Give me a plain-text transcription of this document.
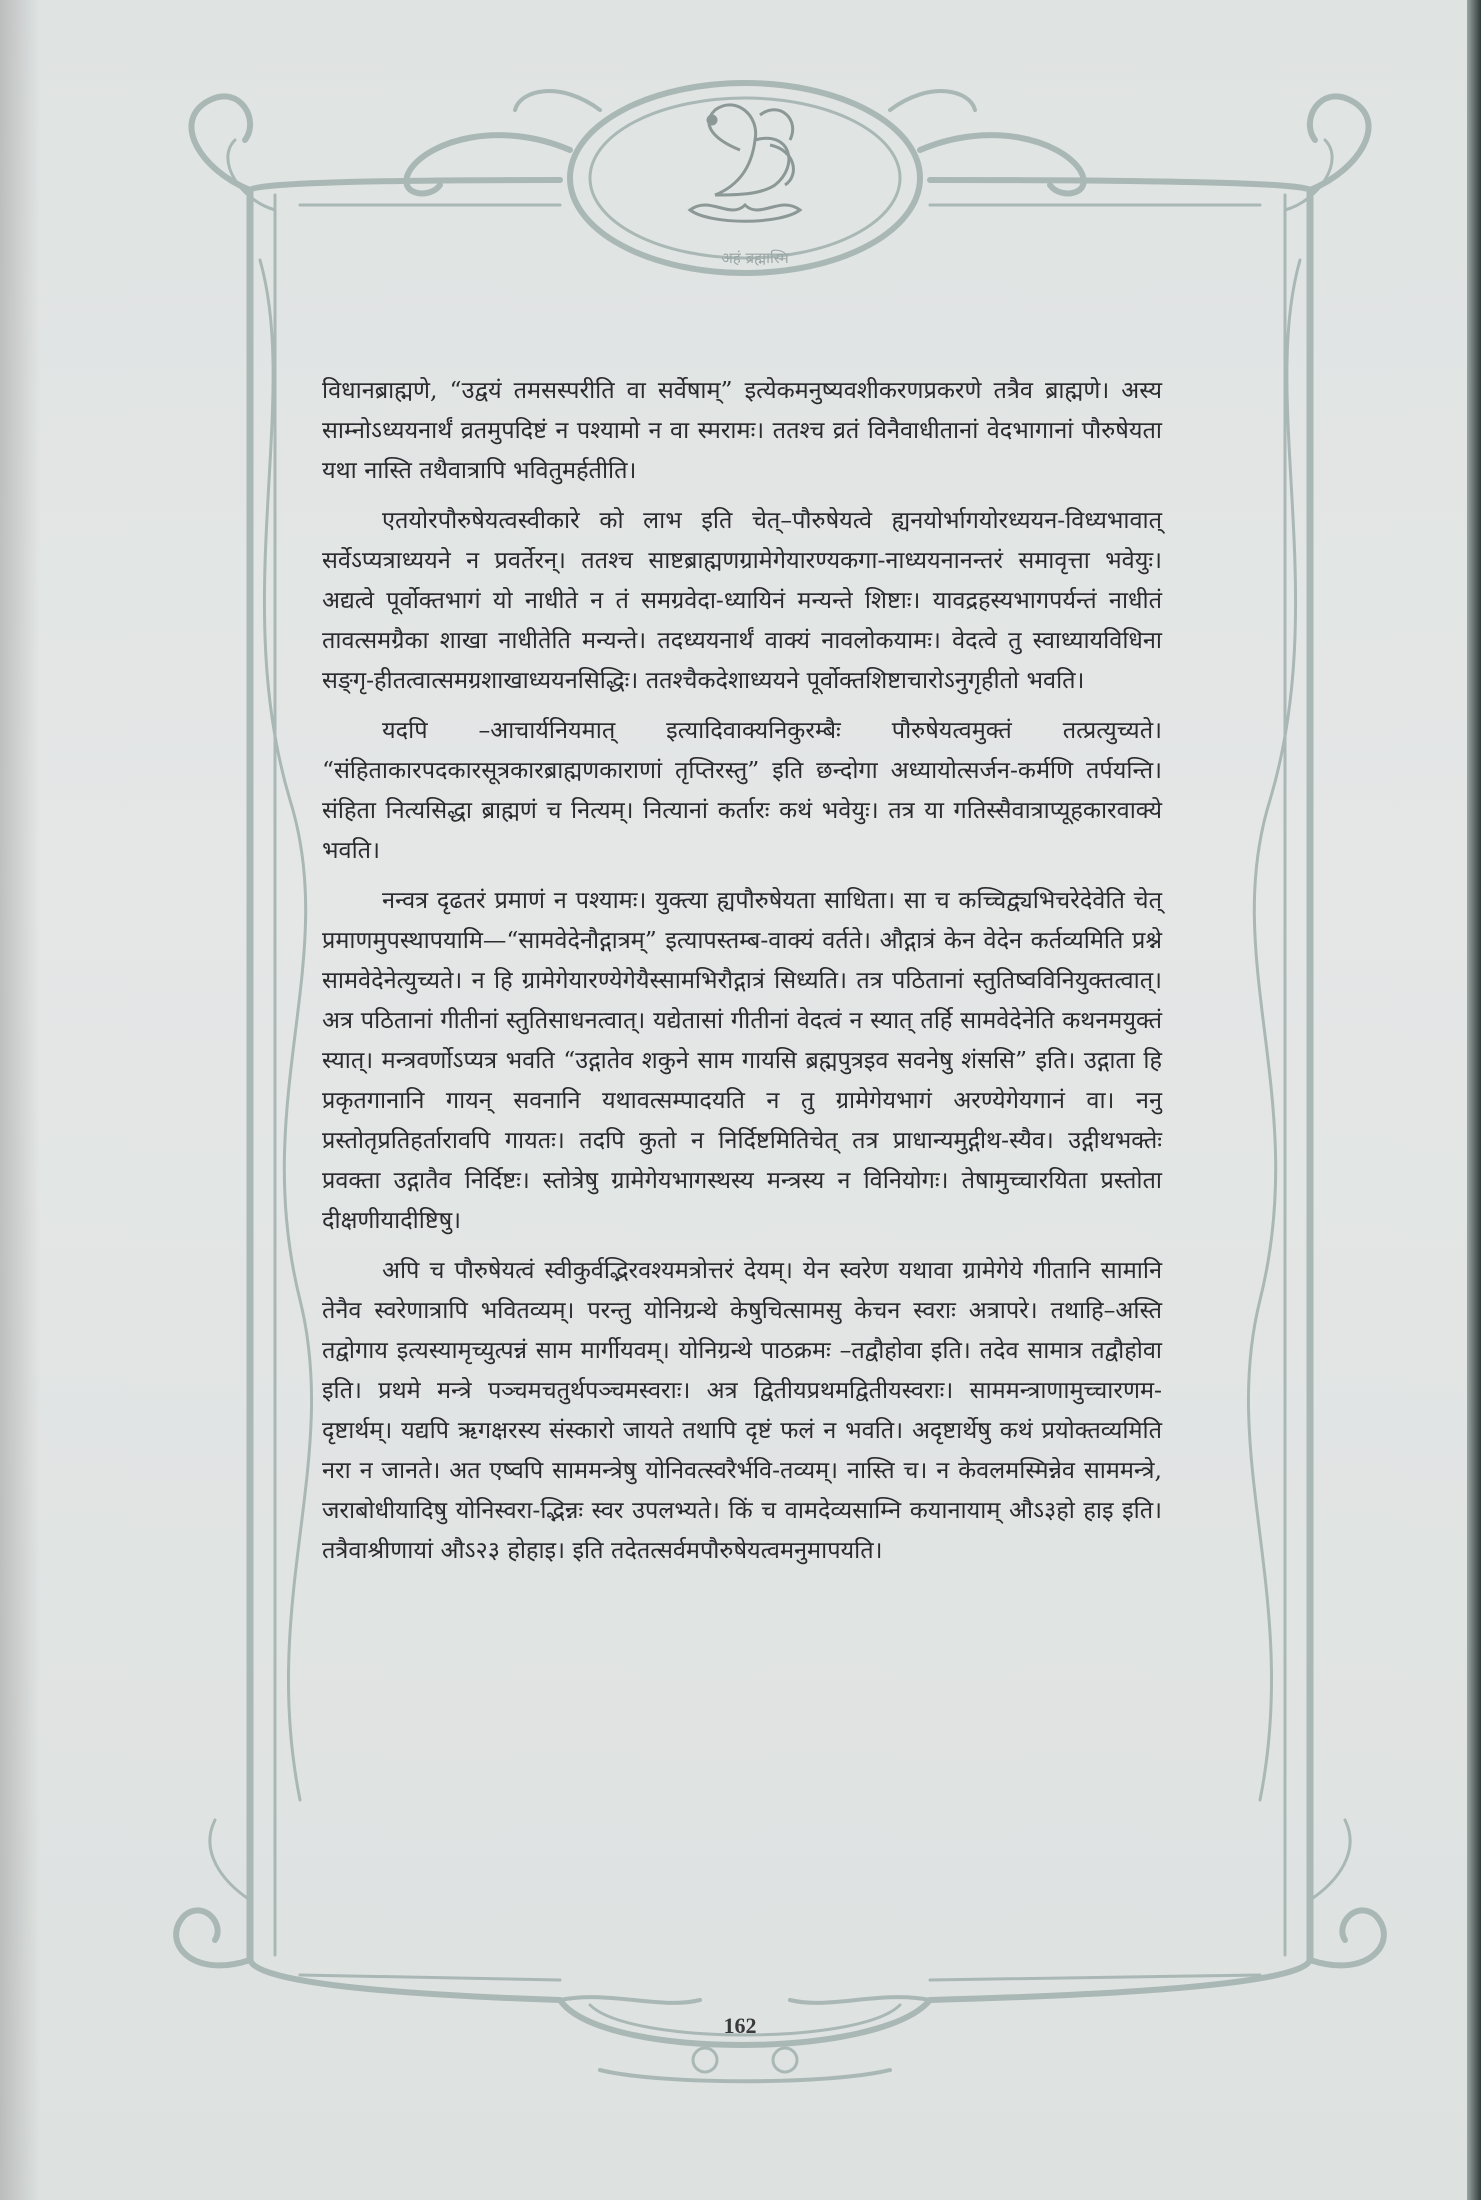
अहं ब्रह्मास्मि

विधानब्राह्मणे, “उद्वयं तमसस्परीति वा सर्वेषाम्” इत्येकमनुष्यवशीकरणप्रकरणे तत्रैव ब्राह्मणे। अस्य साम्नोऽध्ययनार्थं व्रतमुपदिष्टं न पश्यामो न वा स्मरामः। ततश्च व्रतं विनैवाधीतानां वेदभागानां पौरुषेयता यथा नास्ति तथैवात्रापि भवितुमर्हतीति।

एतयोरपौरुषेयत्वस्वीकारे को लाभ इति चेत्–पौरुषेयत्वे ह्यनयोर्भागयोरध्ययन-विध्यभावात् सर्वेऽप्यत्राध्ययने न प्रवर्तेरन्। ततश्च साष्टब्राह्मणग्रामेगेयारण्यकगा-नाध्ययनानन्तरं समावृत्ता भवेयुः। अद्यत्वे पूर्वोक्तभागं यो नाधीते न तं समग्रवेदा-ध्यायिनं मन्यन्ते शिष्टाः। यावद्रहस्यभागपर्यन्तं नाधीतं तावत्समग्रैका शाखा नाधीतेति मन्यन्ते। तदध्ययनार्थं वाक्यं नावलोकयामः। वेदत्वे तु स्वाध्यायविधिना सङ्गृ-हीतत्वात्समग्रशाखाध्ययनसिद्धिः। ततश्चैकदेशाध्ययने पूर्वोक्तशिष्टाचारोऽनुगृहीतो भवति।

यदपि –आचार्यनियमात् इत्यादिवाक्यनिकुरम्बैः पौरुषेयत्वमुक्तं तत्प्रत्युच्यते। “संहिताकारपदकारसूत्रकारब्राह्मणकाराणां तृप्तिरस्तु” इति छन्दोगा अध्यायोत्सर्जन-कर्मणि तर्पयन्ति। संहिता नित्यसिद्धा ब्राह्मणं च नित्यम्। नित्यानां कर्तारः कथं भवेयुः। तत्र या गतिस्सैवात्राप्यूहकारवाक्ये भवति।

नन्वत्र दृढतरं प्रमाणं न पश्यामः। युक्त्या ह्यपौरुषेयता साधिता। सा च कच्चिद्व्यभिचरेदेवेति चेत् प्रमाणमुपस्थापयामि—“सामवेदेनौद्गात्रम्” इत्यापस्तम्ब-वाक्यं वर्तते। औद्गात्रं केन वेदेन कर्तव्यमिति प्रश्ने सामवेदेनेत्युच्यते। न हि ग्रामेगेयारण्येगेयैस्सामभिरौद्गात्रं सिध्यति। तत्र पठितानां स्तुतिष्वविनियुक्तत्वात्। अत्र पठितानां गीतीनां स्तुतिसाधनत्वात्। यद्येतासां गीतीनां वेदत्वं न स्यात् तर्हि सामवेदेनेति कथनमयुक्तं स्यात्। मन्त्रवर्णोऽप्यत्र भवति “उद्गातेव शकुने साम गायसि ब्रह्मपुत्रइव सवनेषु शंससि” इति। उद्गाता हि प्रकृतगानानि गायन् सवनानि यथावत्सम्पादयति न तु ग्रामेगेयभागं अरण्येगेयगानं वा। ननु प्रस्तोतृप्रतिहर्तारावपि गायतः। तदपि कुतो न निर्दिष्टमितिचेत् तत्र प्राधान्यमुद्गीथ-स्यैव। उद्गीथभक्तेः प्रवक्ता उद्गातैव निर्दिष्टः। स्तोत्रेषु ग्रामेगेयभागस्थस्य मन्त्रस्य न विनियोगः। तेषामुच्चारयिता प्रस्तोता दीक्षणीयादीष्टिषु।

अपि च पौरुषेयत्वं स्वीकुर्वद्भिरवश्यमत्रोत्तरं देयम्। येन स्वरेण यथावा ग्रामेगेये गीतानि सामानि तेनैव स्वरेणात्रापि भवितव्यम्। परन्तु योनिग्रन्थे केषुचित्सामसु केचन स्वराः अत्रापरे। तथाहि–अस्ति तद्वोगाय इत्यस्यामृच्युत्पन्नं साम मार्गीयवम्। योनिग्रन्थे पाठक्रमः –तद्वौहोवा इति। तदेव सामात्र तद्वौहोवा इति। प्रथमे मन्त्रे पञ्चमचतुर्थपञ्चमस्वराः। अत्र द्वितीयप्रथमद्वितीयस्वराः। साममन्त्राणामुच्चारणम-दृष्टार्थम्। यद्यपि ऋगक्षरस्य संस्कारो जायते तथापि दृष्टं फलं न भवति। अदृष्टार्थेषु कथं प्रयोक्तव्यमिति नरा न जानते। अत एष्वपि साममन्त्रेषु योनिवत्स्वरैर्भवि-तव्यम्। नास्ति च। न केवलमस्मिन्नेव साममन्त्रे, जराबोधीयादिषु योनिस्वरा-द्भिन्नः स्वर उपलभ्यते। किं च वामदेव्यसाम्नि कयानायाम् औऽ३हो हाइ इति। तत्रैवाश्रीणायां औऽ२३ होहाइ। इति तदेतत्सर्वमपौरुषेयत्वमनुमापयति।

162
